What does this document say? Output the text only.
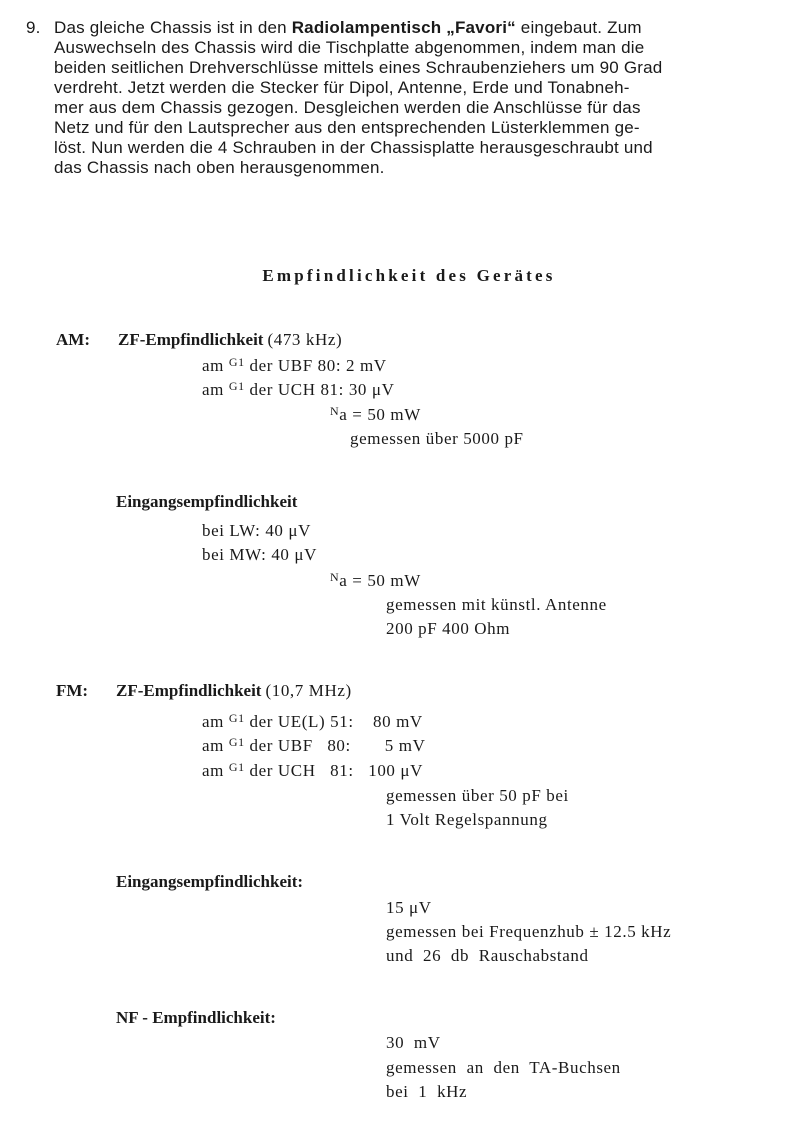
9. Das gleiche Chassis ist in den Radiolampentisch „Favori“ eingebaut. Zum
Auswechseln des Chassis wird die Tischplatte abgenommen, indem man die
beiden seitlichen Drehverschlüsse mittels eines Schraubenziehers um 90 Grad
verdreht. Jetzt werden die Stecker für Dipol, Antenne, Erde und Tonabneh-
mer aus dem Chassis gezogen. Desgleichen werden die Anschlüsse für das
Netz und für den Lautsprecher aus den entsprechenden Lüsterklemmen ge-
löst. Nun werden die 4 Schrauben in der Chassisplatte herausgeschraubt und
das Chassis nach oben herausgenommen.
Empfindlichkeit des Gerätes
AM: ZF-Empfindlichkeit (473 kHz)
am $^{G1}$ der UBF 80: 2 mV
am $^{G1}$ der UCH 81: 30 μV
$^N$a = 50 mW
gemessen über 5000 pF
Eingangsempfindlichkeit
bei LW: 40 μV
bei MW: 40 μV
$^N$a = 50 mW
gemessen mit künstl. Antenne
200 pF 400 Ohm
FM: ZF-Empfindlichkeit (10,7 MHz)
am $^{G1}$ der UE(L) 51:    80 mV
am $^{G1}$ der UBF   80:       5 mV
am $^{G1}$ der UCH   81:   100 μV
gemessen über 50 pF bei
1 Volt Regelspannung
Eingangsempfindlichkeit:
15 μV
gemessen bei Frequenzhub ± 12.5 kHz
und  26  db  Rauschabstand
NF - Empfindlichkeit:
30  mV
gemessen  an  den  TA-Buchsen
bei  1  kHz
